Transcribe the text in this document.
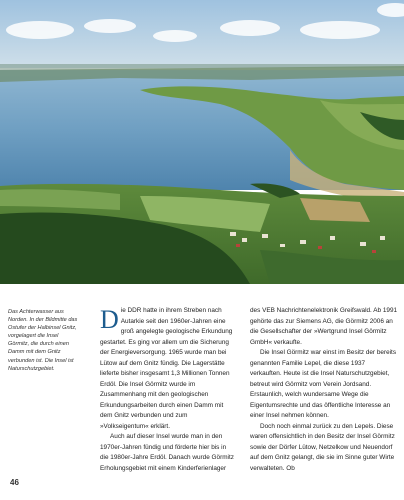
Das Achterwasser aus Norden. In der Bildmitte das Ostufer der Halbinsel Gnitz, vorgelagert die Insel Görmitz, die durch einen Damm mit dem Gnitz verbunden ist. Die Insel ist Naturschutzgebiet.

Die DDR hatte in ihrem Streben nach Autarkie seit den 1960er-Jahren eine groß angelegte geologische Erkundung gestartet. Es ging vor allem um die Sicherung der Energieversorgung. 1965 wurde man bei Lütow auf dem Gnitz fündig. Die Lagerstätte lieferte bisher insgesamt 1,3 Millionen Tonnen Erdöl. Die Insel Görmitz wurde im Zusammenhang mit den geologischen Erkundungsarbeiten durch einen Damm mit dem Gnitz verbunden und zum »Volkseigentum« erklärt.

Auch auf dieser Insel wurde man in den 1970er-Jahren fündig und förderte hier bis in die 1980er-Jahre Erdöl. Danach wurde Görmitz Erholungsgebiet mit einem Kinderferienlager

des VEB Nachrichtenelektronik Greifswald. Ab 1991 gehörte das zur Siemens AG, die Görmitz 2006 an die Gesellschafter der »Wertgrund Insel Görmitz GmbH« verkaufte.

Die Insel Görmitz war einst im Besitz der bereits genannten Familie Lepel, die diese 1937 verkauften. Heute ist die Insel Naturschutzgebiet, betreut wird Görmitz vom Verein Jordsand. Erstaunlich, welch wundersame Wege die Eigentumsrechte und das öffentliche Interesse an einer Insel nehmen können.

Doch noch einmal zurück zu den Lepels. Diese waren offensichtlich in den Besitz der Insel Görmitz sowie der Dörfer Lütow, Netzelkow und Neuendorf auf dem Gnitz gelangt, die sie im Sinne guter Wirte verwalteten. Ob

46
